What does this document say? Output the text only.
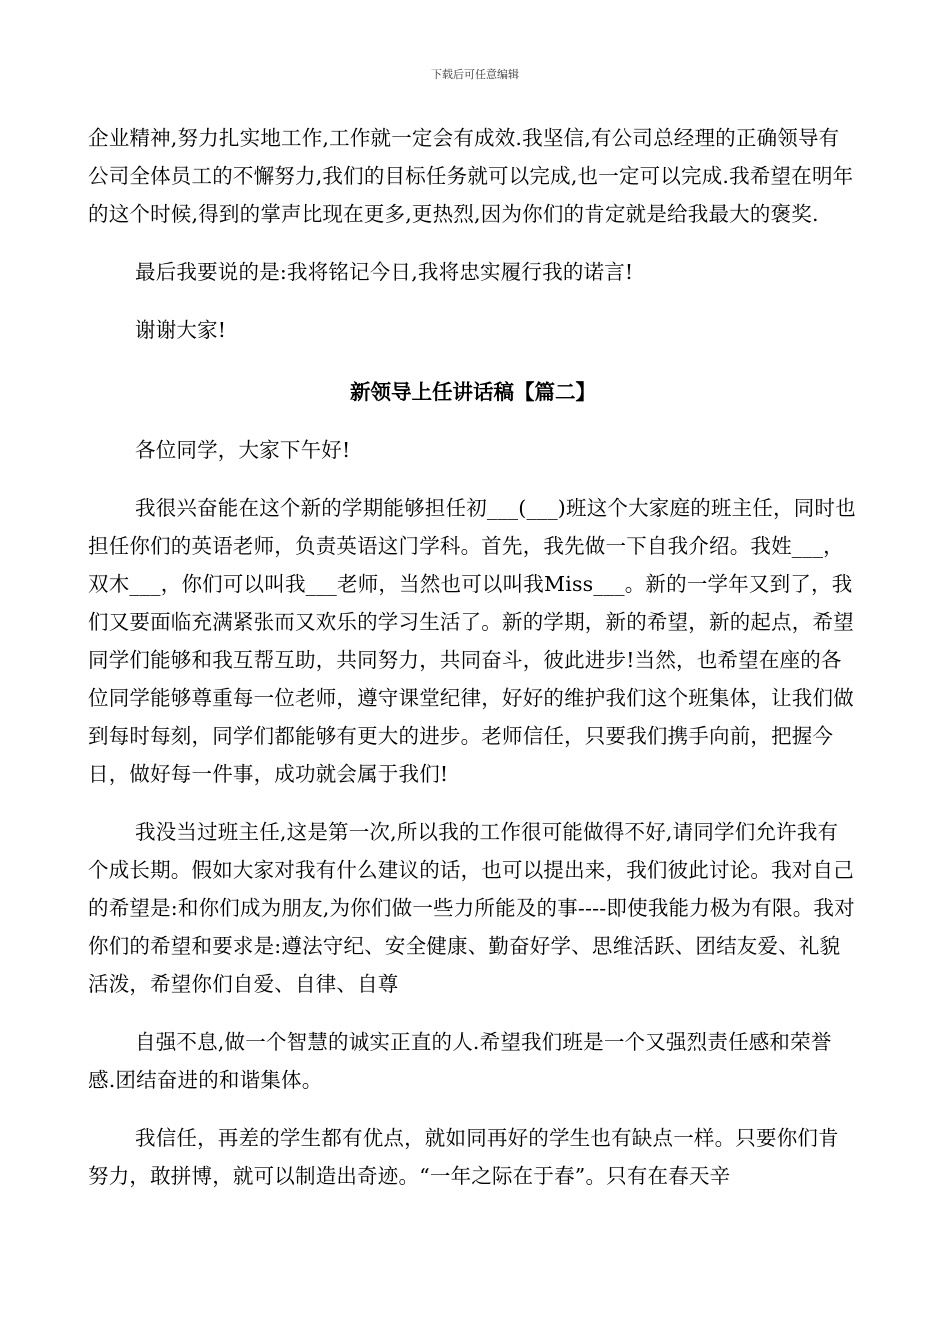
下载后可任意编辑

企业精神,努力扎实地工作,工作就一定会有成效.我坚信,有公司总经理的正确领导有公司全体员工的不懈努力,我们的目标任务就可以完成,也一定可以完成.我希望在明年的这个时候,得到的掌声比现在更多,更热烈,因为你们的肯定就是给我最大的褒奖.

最后我要说的是:我将铭记今日,我将忠实履行我的诺言!

谢谢大家!

新领导上任讲话稿【篇二】

各位同学，大家下午好!

我很兴奋能在这个新的学期能够担任初___(___)班这个大家庭的班主任，同时也担任你们的英语老师，负责英语这门学科。首先，我先做一下自我介绍。我姓___，双木___，你们可以叫我___老师，当然也可以叫我Miss___。新的一学年又到了，我们又要面临充满紧张而又欢乐的学习生活了。新的学期，新的希望，新的起点，希望同学们能够和我互帮互助，共同努力，共同奋斗，彼此进步!当然，也希望在座的各位同学能够尊重每一位老师，遵守课堂纪律，好好的维护我们这个班集体，让我们做到每时每刻，同学们都能够有更大的进步。老师信任，只要我们携手向前，把握今日，做好每一件事，成功就会属于我们!

我没当过班主任,这是第一次,所以我的工作很可能做得不好,请同学们允许我有个成长期。假如大家对我有什么建议的话，也可以提出来，我们彼此讨论。我对自己的希望是:和你们成为朋友,为你们做一些力所能及的事----即使我能力极为有限。我对你们的希望和要求是:遵法守纪、安全健康、勤奋好学、思维活跃、团结友爱、礼貌活泼，希望你们自爱、自律、自尊

自强不息,做一个智慧的诚实正直的人.希望我们班是一个又强烈责任感和荣誉感.团结奋进的和谐集体。

我信任，再差的学生都有优点，就如同再好的学生也有缺点一样。只要你们肯努力，敢拼博，就可以制造出奇迹。“一年之际在于春”。只有在春天辛
